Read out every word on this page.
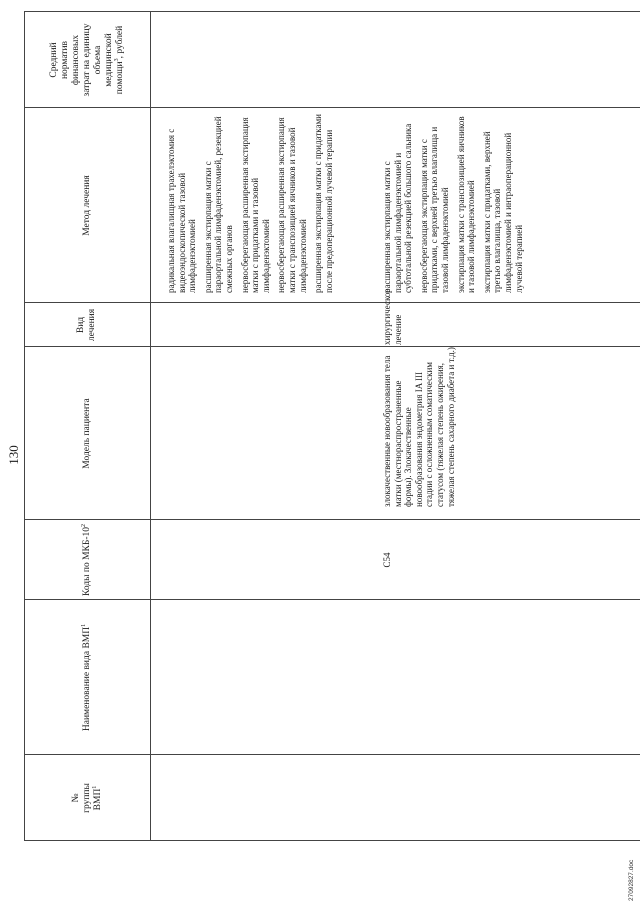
130
№ группы ВМП$^1$
Наименование вида ВМП$^1$
Коды по МКБ-$10^2$
Модель пациента
Вид лечения
Метод лечения
C54
Средний норматив финансовых затрат на единицу объема медицинской помощи$^3$, рублей

злокачественные новообразования тела матки (местнораспространенные формы). Злокачественные новообразования эндометрия IA III стадии с осложненным соматическим статусом (тяжелая степень ожирения, тяжелая степень сахарного диабета и т.д.)

хирургическое лечение

радикальная влагалищная трахелэктомия с видеоэндоскопической тазовой лимфаденэктомией расширенная экстирпация матки с параортальной лимфаденэктомией, резекцией смежных органов нервосберегающая расширенная экстирпация матки с придатками и тазовой лимфаденэктомией нервосберегающая расширенная экстирпация матки с транспозицией яичников и тазовой лимфаденэктомией расширенная экстирпация матки с придатками после предоперационной лучевой терапии	расширенная экстирпация матки с параортальной лимфаденэктомией и субтотальной резекцией большого сальника нервосберегающая экстирпация матки с придатками, с верхней третью влагалища и тазовой лимфаденэктомией экстирпация матки с транспозицией яичников и тазовой лимфаденэктомией экстирпация матки с придатками, верхней третью влагалища, тазовой лимфаденэктомией и интраоперационной лучевой терапией

27092827.doc
